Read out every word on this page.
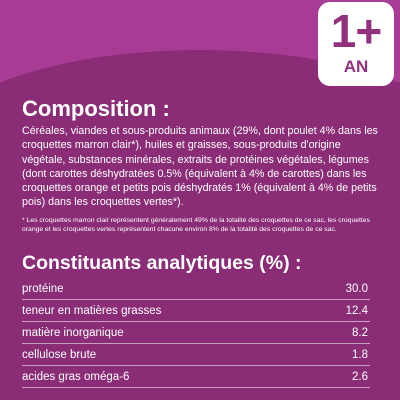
1+
AN
Composition :

Céréales, viandes et sous-produits animaux (29%, dont poulet 4% dans les croquettes marron clair*), huiles et graisses, sous-produits d'origine végétale, substances minérales, extraits de protéines végétales, légumes (dont carottes déshydratées 0.5% (équivalent à 4% de carottes) dans les croquettes orange et petits pois déshydratés 1% (équivalent à 4% de petits pois) dans les croquettes vertes*).

* Les croquettes marron clair représentent généralement 49% de la totalité des croquettes de ce sac, les croquettes orange et les croquettes vertes représentent chacune environ 8% de la totalité des croquettes de ce sac.

Constituants analytiques (%) :
protéine	30.0
teneur en matières grasses	12.4
matière inorganique	8.2
cellulose brute	1.8
acides gras oméga-6	2.6
